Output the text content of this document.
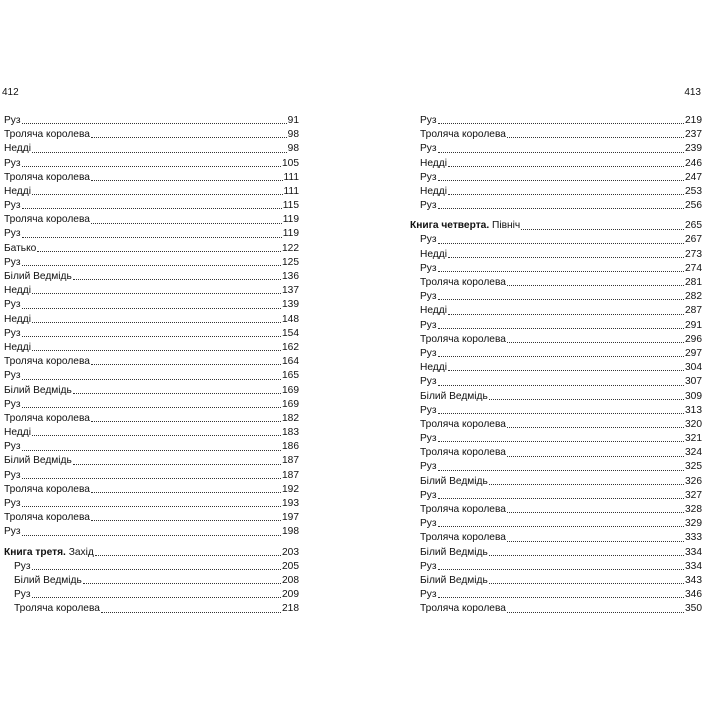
412	413
Руз	91
Троляча королева	98
Недді	98
Руз	105
Троляча королева	111
Недді	111
Руз	115
Троляча королева	119
Руз	119
Батько	122
Руз	125
Білий Ведмідь	136
Недді	137
Руз	139
Недді	148
Руз	154
Недді	162
Троляча королева	164
Руз	165
Білий Ведмідь	169
Руз	169
Троляча королева	182
Недді	183
Руз	186
Білий Ведмідь	187
Руз	187
Троляча королева	192
Руз	193
Троляча королева	197
Руз	198
Книга третя. Захід	203
Руз	205
Білий Ведмідь	208
Руз	209
Троляча королева	218
Руз	219
Троляча королева	237
Руз	239
Недді	246
Руз	247
Недді	253
Руз	256
Книга четверта. Північ	265
Руз	267
Недді	273
Руз	274
Троляча королева	281
Руз	282
Недді	287
Руз	291
Троляча королева	296
Руз	297
Недді	304
Руз	307
Білий Ведмідь	309
Руз	313
Троляча королева	320
Руз	321
Троляча королева	324
Руз	325
Білий Ведмідь	326
Руз	327
Троляча королева	328
Руз	329
Троляча королева	333
Білий Ведмідь	334
Руз	334
Білий Ведмідь	343
Руз	346
Троляча королева	350
